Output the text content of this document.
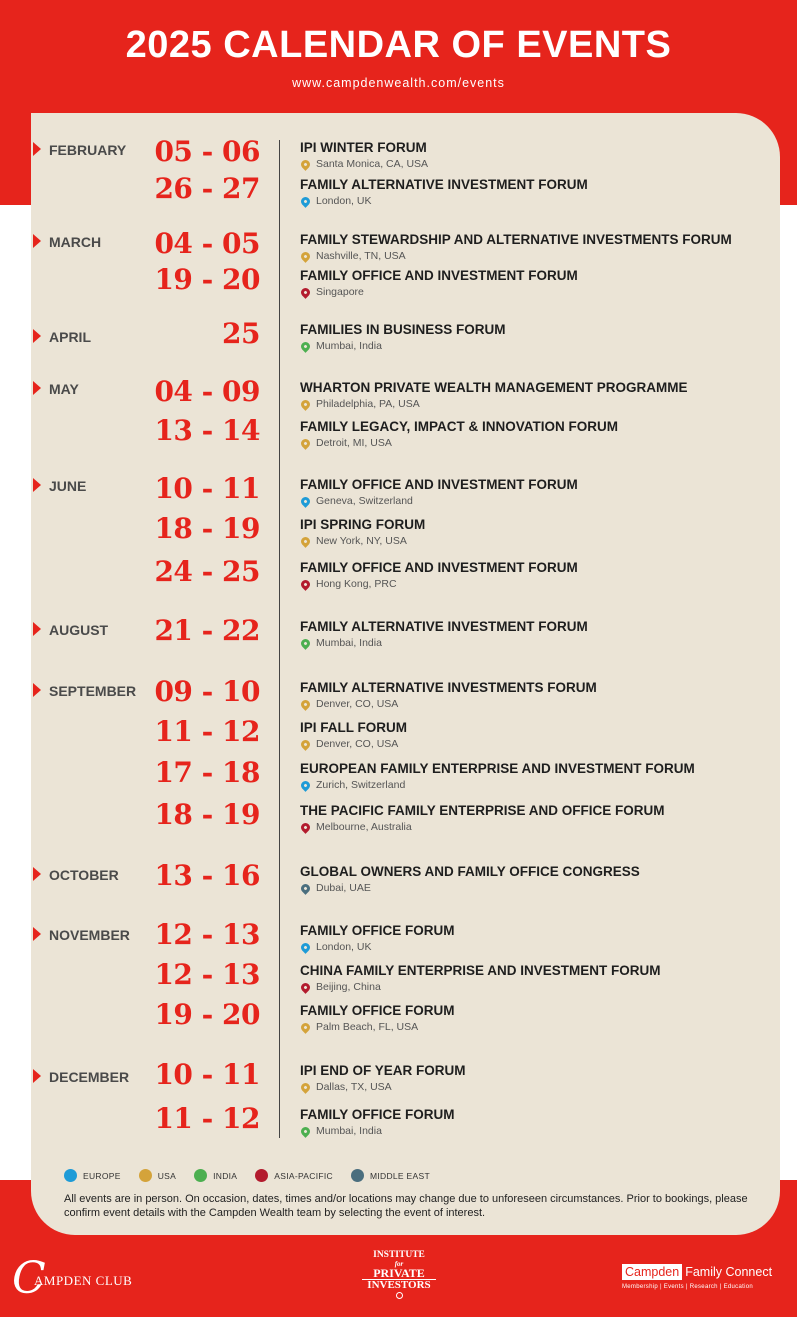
2025 CALENDAR OF EVENTS
www.campdenwealth.com/events
FEBRUARY	05 - 06	IPI WINTER FORUM
Santa Monica, CA, USA
26 - 27	FAMILY ALTERNATIVE INVESTMENT FORUM
London, UK
MARCH	04 - 05	FAMILY STEWARDSHIP AND ALTERNATIVE INVESTMENTS FORUM
Nashville, TN, USA
19 - 20	FAMILY OFFICE AND INVESTMENT FORUM
Singapore
APRIL	25	FAMILIES IN BUSINESS FORUM
Mumbai, India
MAY	04 - 09	WHARTON PRIVATE WEALTH MANAGEMENT PROGRAMME
Philadelphia, PA, USA
13 - 14	FAMILY LEGACY, IMPACT & INNOVATION FORUM
Detroit, MI, USA
JUNE	10 - 11	FAMILY OFFICE AND INVESTMENT FORUM
Geneva, Switzerland
18 - 19	IPI SPRING FORUM
New York, NY, USA
24 - 25	FAMILY OFFICE AND INVESTMENT FORUM
Hong Kong, PRC
AUGUST	21 - 22	FAMILY ALTERNATIVE INVESTMENT FORUM
Mumbai, India
SEPTEMBER 09 - 10	FAMILY ALTERNATIVE INVESTMENTS FORUM
Denver, CO, USA
11 - 12	IPI FALL FORUM
Denver, CO, USA
17 - 18	EUROPEAN FAMILY ENTERPRISE AND INVESTMENT FORUM
Zurich, Switzerland
18 - 19	THE PACIFIC FAMILY ENTERPRISE AND OFFICE FORUM
Melbourne, Australia
OCTOBER	13 - 16	GLOBAL OWNERS AND FAMILY OFFICE CONGRESS
Dubai, UAE
NOVEMBER 12 - 13	FAMILY OFFICE FORUM
London, UK
12 - 13	CHINA FAMILY ENTERPRISE AND INVESTMENT FORUM
Beijing, China
19 - 20	FAMILY OFFICE FORUM
Palm Beach, FL, USA
DECEMBER 10 - 11	IPI END OF YEAR FORUM
Dallas, TX, USA
11 - 12	FAMILY OFFICE FORUM
Mumbai, India
EUROPE	USA	INDIA	ASIA-PACIFIC	MIDDLE EAST
All events are in person. On occasion, dates, times and/or locations may change due to unforeseen circumstances. Prior to bookings, please confirm event details with the Campden Wealth team by selecting the event of interest.
C
AMPDEN CLUB
INSTITUTE
for
PRIVATE
INVESTORS
Campden Family Connect
Membership | Events | Research | Education
